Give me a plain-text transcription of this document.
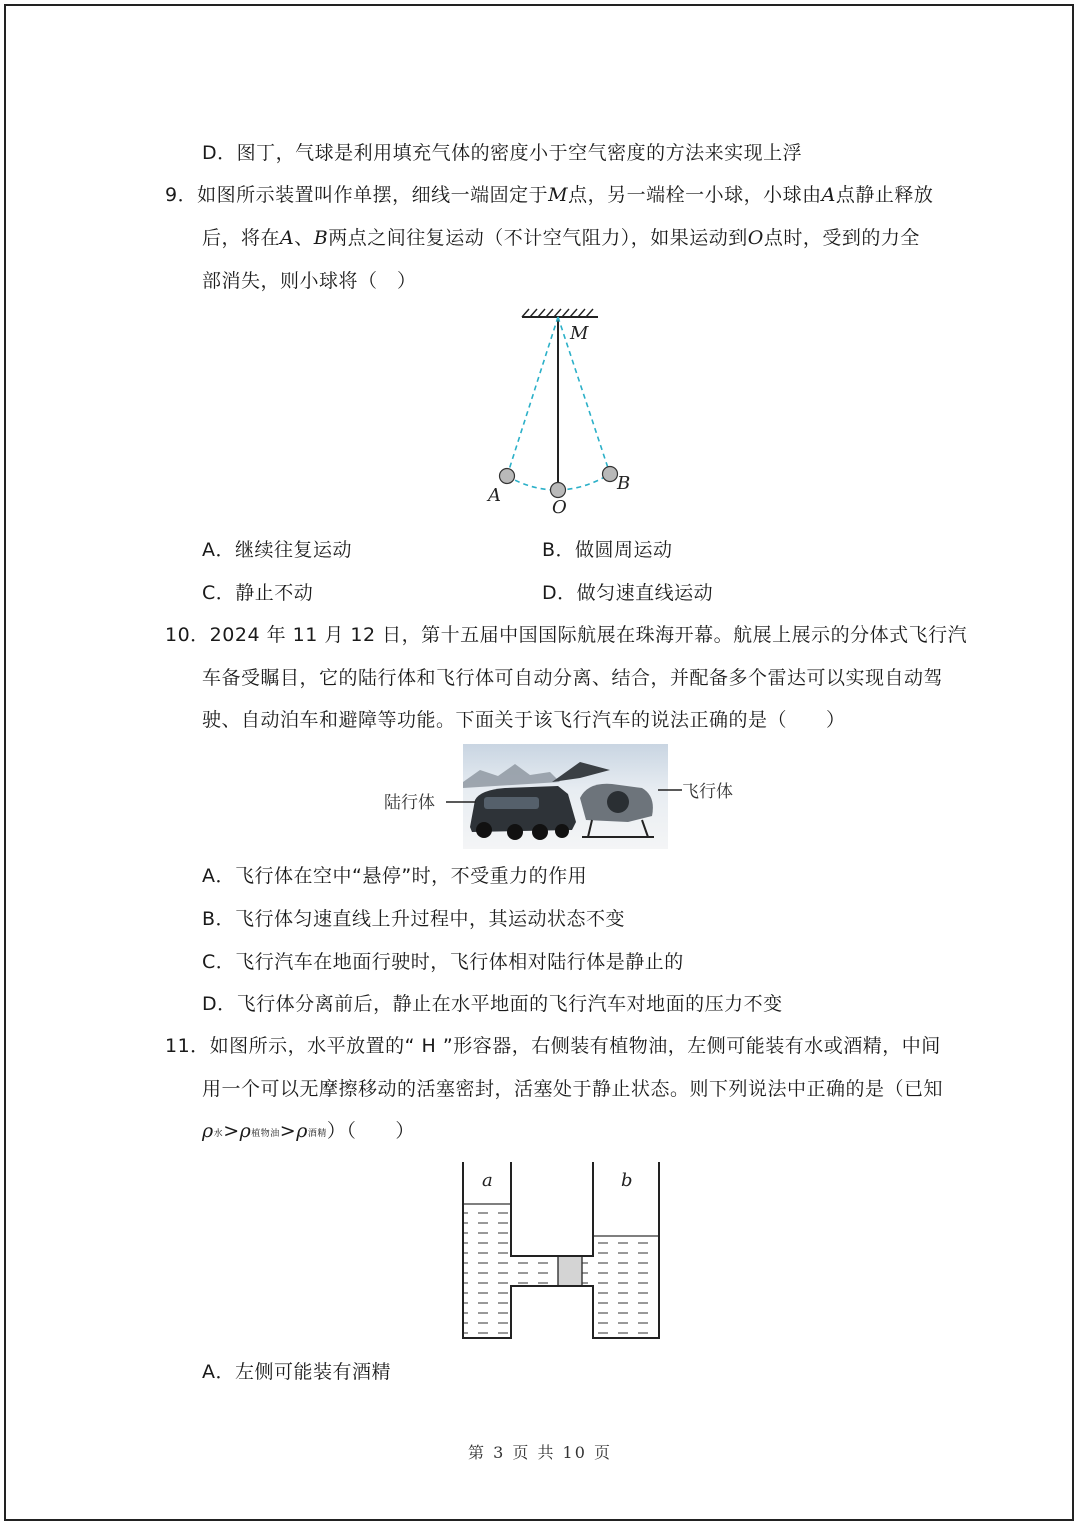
D．图丁，气球是利用填充气体的密度小于空气密度的方法来实现上浮
9．如图所示装置叫作单摆，细线一端固定于M点，另一端栓一小球，小球由A点静止释放
后，将在A、B两点之间往复运动（不计空气阻力），如果运动到O点时，受到的力全
部消失，则小球将（　）
M
A
B
O
A．继续往复运动	B．做圆周运动
C．静止不动	D．做匀速直线运动
10．2024 年 11 月 12 日，第十五届中国国际航展在珠海开幕。航展上展示的分体式飞行汽
车备受瞩目，它的陆行体和飞行体可自动分离、结合，并配备多个雷达可以实现自动驾
驶、自动泊车和避障等功能。下面关于该飞行汽车的说法正确的是（　　）
陆行体
飞行体
A．飞行体在空中“悬停”时，不受重力的作用
B．飞行体匀速直线上升过程中，其运动状态不变
C．飞行汽车在地面行驶时，飞行体相对陆行体是静止的
D．飞行体分离前后，静止在水平地面的飞行汽车对地面的压力不变
11．如图所示，水平放置的“ H ”形容器，右侧装有植物油，左侧可能装有水或酒精，中间
用一个可以无摩擦移动的活塞密封，活塞处于静止状态。则下列说法中正确的是（已知
ρ水>ρ植物油>ρ酒精）（　　）
a	b
A．左侧可能装有酒精
第 3 页 共 10 页
